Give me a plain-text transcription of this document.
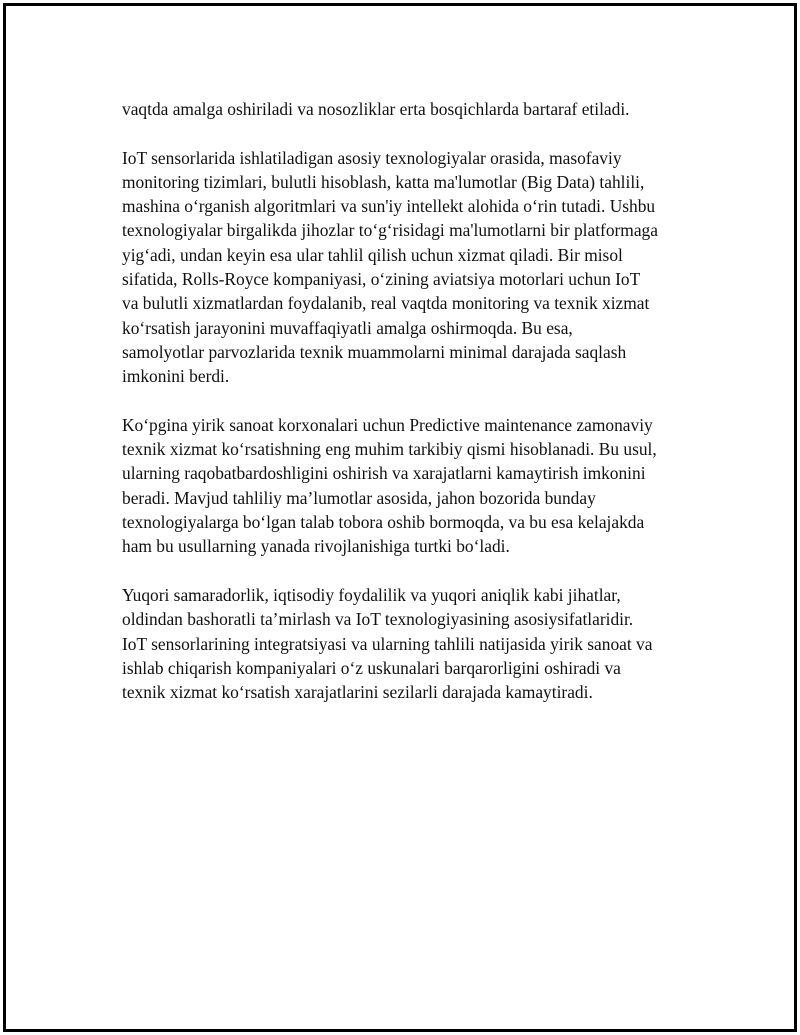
vaqtda amalga oshiriladi va nosozliklar erta bosqichlarda bartaraf etiladi.

IoT sensorlarida ishlatiladigan asosiy texnologiyalar orasida, masofaviy
monitoring tizimlari, bulutli hisoblash, katta ma'lumotlar (Big Data) tahlili,
mashina o‘rganish algoritmlari va sun'iy intellekt alohida o‘rin tutadi. Ushbu
texnologiyalar birgalikda jihozlar to‘g‘risidagi ma'lumotlarni bir platformaga
yig‘adi, undan keyin esa ular tahlil qilish uchun xizmat qiladi. Bir misol
sifatida, Rolls-Royce kompaniyasi, o‘zining aviatsiya motorlari uchun IoT
va bulutli xizmatlardan foydalanib, real vaqtda monitoring va texnik xizmat
ko‘rsatish jarayonini muvaffaqiyatli amalga oshirmoqda. Bu esa,
samolyotlar parvozlarida texnik muammolarni minimal darajada saqlash
imkonini berdi.

Ko‘pgina yirik sanoat korxonalari uchun Predictive maintenance zamonaviy
texnik xizmat ko‘rsatishning eng muhim tarkibiy qismi hisoblanadi. Bu usul,
ularning raqobatbardoshligini oshirish va xarajatlarni kamaytirish imkonini
beradi. Mavjud tahliliy ma’lumotlar asosida, jahon bozorida bunday
texnologiyalarga bo‘lgan talab tobora oshib bormoqda, va bu esa kelajakda
ham bu usullarning yanada rivojlanishiga turtki bo‘ladi.

Yuqori samaradorlik, iqtisodiy foydalilik va yuqori aniqlik kabi jihatlar,
oldindan bashoratli ta’mirlash va IoT texnologiyasining asosiysifatlaridir.
IoT sensorlarining integratsiyasi va ularning tahlili natijasida yirik sanoat va
ishlab chiqarish kompaniyalari o‘z uskunalari barqarorligini oshiradi va
texnik xizmat ko‘rsatish xarajatlarini sezilarli darajada kamaytiradi.
